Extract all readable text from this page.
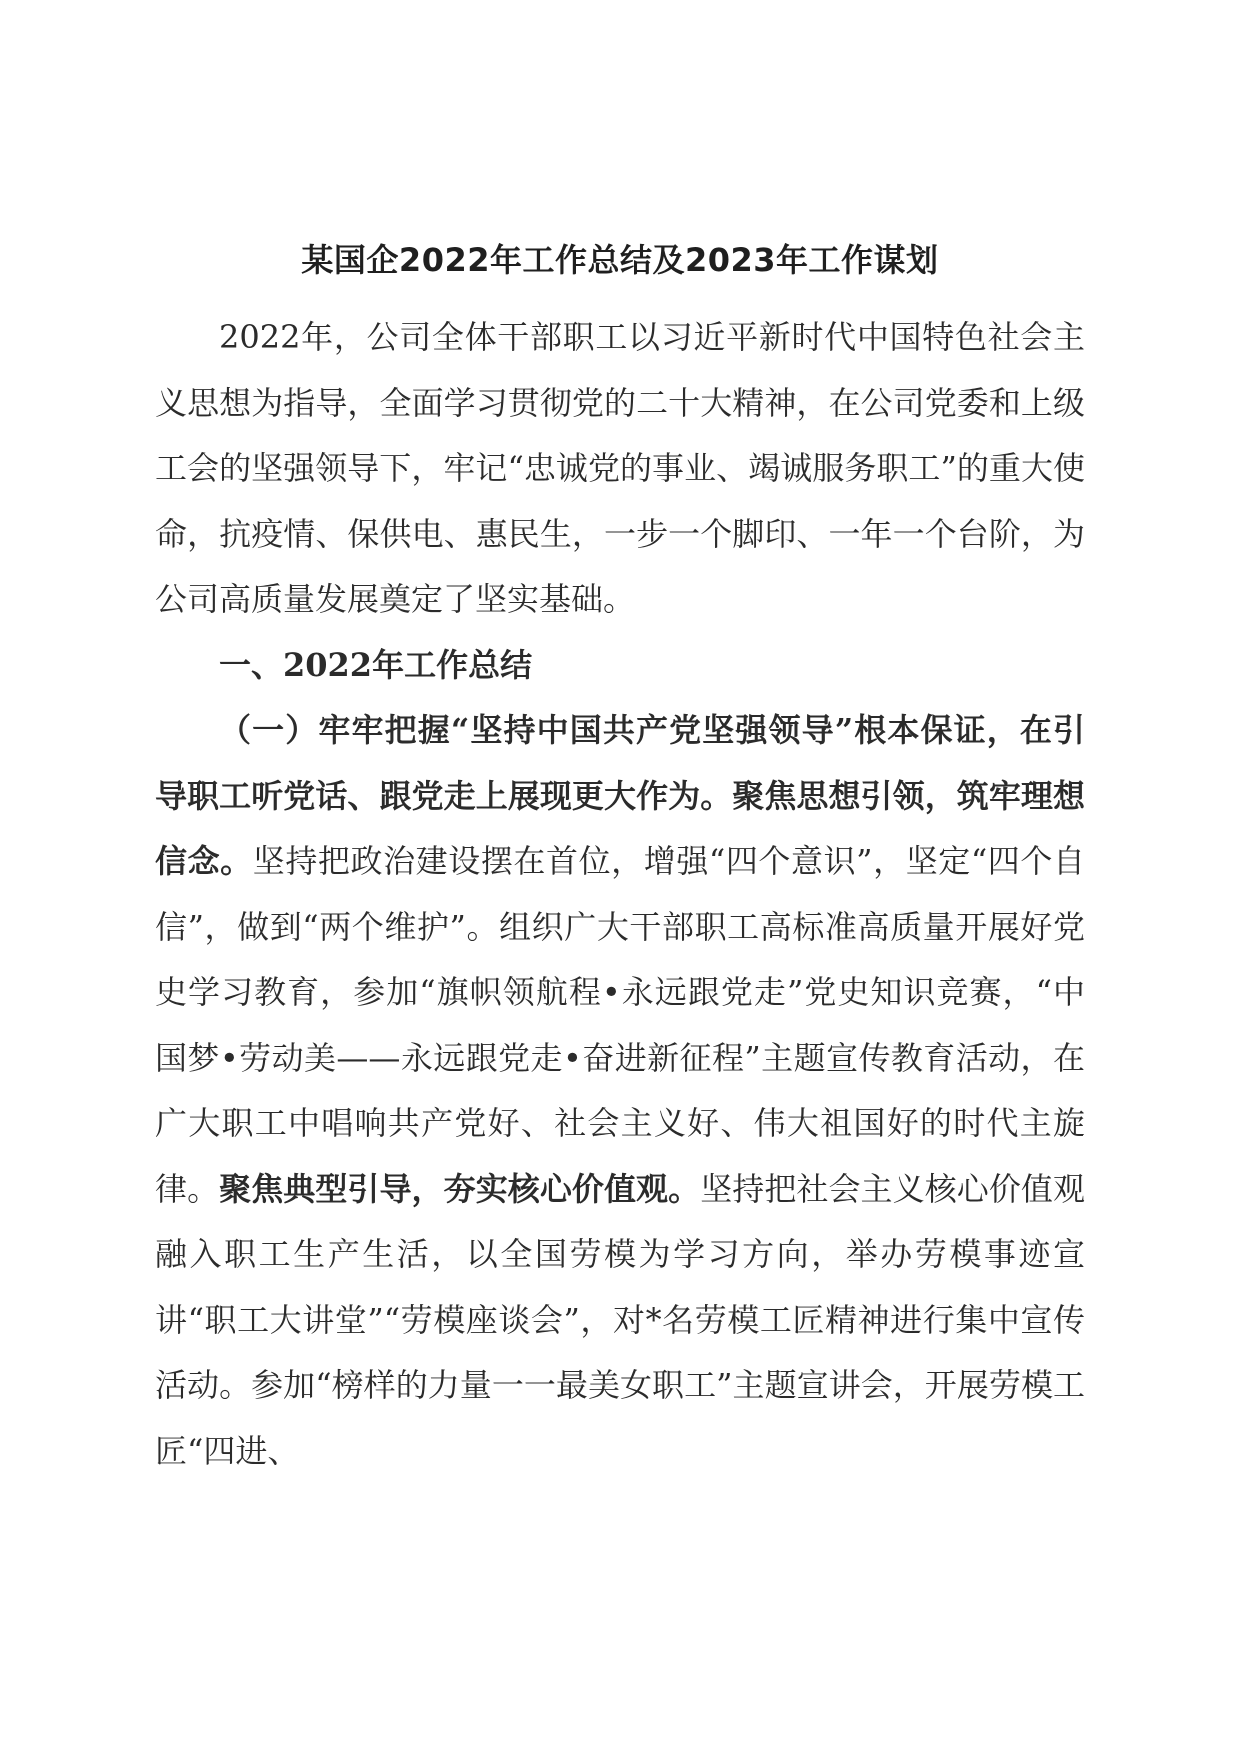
某国企2022年工作总结及2023年工作谋划

2022年，公司全体干部职工以习近平新时代中国特色社会主义思想为指导，全面学习贯彻党的二十大精神，在公司党委和上级工会的坚强领导下，牢记“忠诚党的事业、竭诚服务职工”的重大使命，抗疫情、保供电、惠民生，一步一个脚印、一年一个台阶，为公司高质量发展奠定了坚实基础。

一、2022年工作总结

（一）牢牢把握“坚持中国共产党坚强领导”根本保证，在引导职工听党话、跟党走上展现更大作为。聚焦思想引领，筑牢理想信念。坚持把政治建设摆在首位，增强“四个意识”，坚定“四个自信”，做到“两个维护”。组织广大干部职工高标准高质量开展好党史学习教育，参加“旗帜领航程•永远跟党走”党史知识竞赛，“中国梦•劳动美——永远跟党走•奋进新征程”主题宣传教育活动，在广大职工中唱响共产党好、社会主义好、伟大祖国好的时代主旋律。聚焦典型引导，夯实核心价值观。坚持把社会主义核心价值观融入职工生产生活，以全国劳模为学习方向，举办劳模事迹宣讲“职工大讲堂”“劳模座谈会”，对*名劳模工匠精神进行集中宣传活动。参加“榜样的力量一一最美女职工”主题宣讲会，开展劳模工匠“四进、
